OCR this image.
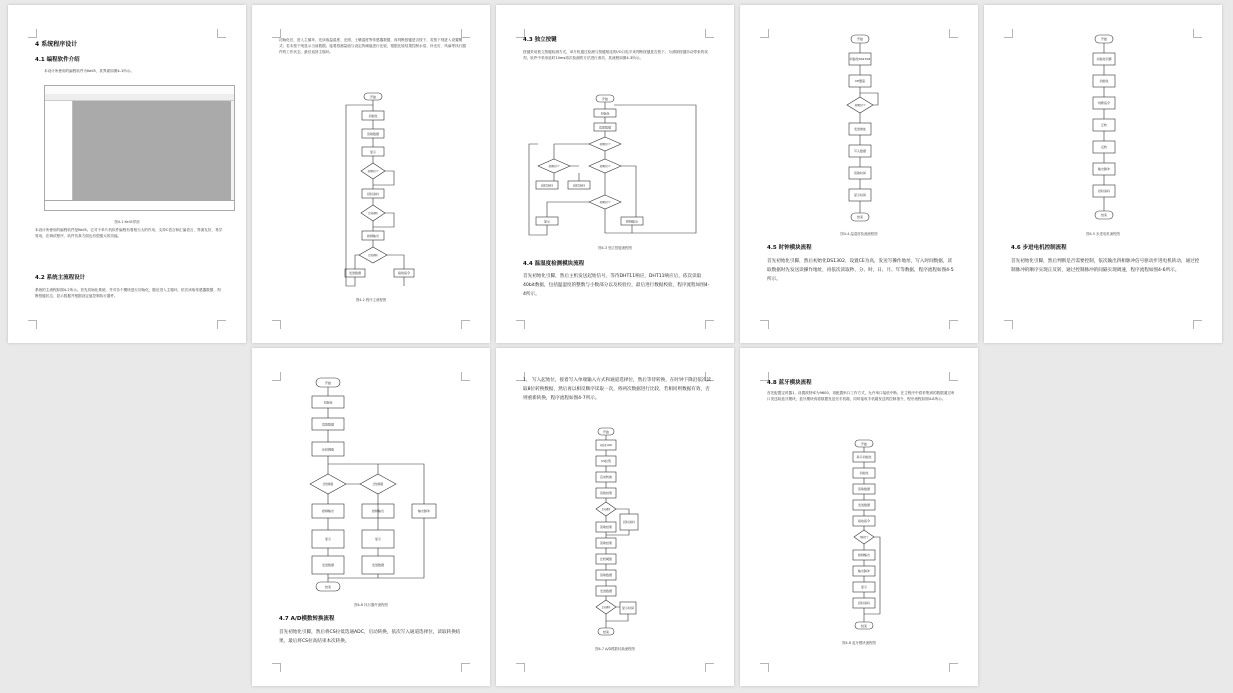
4 系统程序设计
4.1 编程软件介绍
本设计所使用的编程软件为Keil5，其界面如图4-1所示。
图4-1 Keil5界面
本设计所使用的编程软件是Keil5。它对于单片机软件编程有着相当大的作用，支持C语言和汇编语言，界面友好，易学易用，在调试程序、软件仿真方面也有很强大的功能。
4.2 系统主流程设计
系统的主流程如图4-2所示。首先初始化系统，并对各个模块进行初始化，随后进入主循环，依次读取传感器数据、判断按键状态、显示数据并根据设定值控制执行器件。
初始化后，进入主循环，先读取温湿度、光照、土壤湿度等传感器数据，再判断按键是否按下，若按下则进入设置模式；若未按下则显示当前数据。接着将测量值与设定的阈值进行比较，根据比较结果控制水泵、补光灯、风扇等执行器件的工作状态，最后返回主循环。
开始
初始化
读取数据
显示
按键按下?
延时消抖
比较阈值
控制输出
比较阈值
发送数据	接收指令
图4-2 程序主流程图
4.3 独立按键
按键采用独立按键检测方式，单片机通过检测与按键相连的I/O口电平来判断按键是否按下。为消除按键抖动带来的误判，软件中采用延时10ms再次检测的方法进行消抖，其流程如图4-3所示。
开始
初始化
读取数据
按键按下?
按键按下?	按键按下?
延时消抖	延时消抖
按键按下?
显示	控制输出
图4-3 独立按键流程图
4.4 温湿度检测模块流程
首先初始化引脚，然后主机发送起始信号，等待DHT11响应，DHT11响应后，依次读取40bit数据，包括温湿度的整数与小数部分以及校验位，最后进行数据校验，程序流程如图4-4所示。
开始
初始化DS1302
CE置高
按键按下?
发送地址
写入数据
读取时间
显示时间
结束
图4-4 温湿度检测流程图
4.5 时钟模块流程
首先初始化引脚，然后初始化DS1302，设置CE为高，发送写操作地址，写入时间数据，读取数据时先发送读操作地址，再依次读取秒、分、时、日、月、年等数据，程序流程如图4-5所示。
开始
初始化引脚
初始化
判断指令
正转
反转
输出脉冲
延时消抖
结束
图4-5 步进电机流程图
4.6 步进电机控制流程
首先初始化引脚，然后判断是否需要控制，依次输出四相脉冲信号驱动步进电机转动，通过控制脉冲的顺序实现正反转，通过控制脉冲的间隔实现调速，程序流程如图4-6所示。
开始
初始化
读取数据
比较阈值
比较阈值	比较阈值
控制输出	控制输出	输出脉冲
显示	显示
发送数据	发送数据
结束
图4-6 执行器件流程图
4.7 A/D模数转换流程
首先初始化引脚，然后将CS拉低选通ADC，启动转换，依次写入通道选择位，读取转换结果，最后将CS拉高结束本次转换。
1、 写入起始位，接着写入单端输入方式和通道选择位，然后等待转换，在时钟下降沿依次读取8位转换数据，然后再以相反顺序读取一次，将两次数据进行比较，若相同则数据有效，否则重新转换，程序流程如图4-7所示。
开始
初始化ADC
CS拉低
启动转换
读取结果
比较阈值
延时消抖
读取结果
读取结果
比较阈值
读取数据
发送数据
比较阈值	显示时间
结束
图4-7 A/D模数转换流程图
4.8 蓝牙模块流程
首先配置定时器1，设置波特率为9600，再配置串口工作方式，允许串口接收中断。在主程序中将采集到的数据通过串口发送给蓝牙模块，蓝牙模块再将数据发送至手机端，同时接收手机端发送的控制指令，程序流程如图4-8所示。
开始
串口初始化
初始化
读取数据
发送数据
接收指令
判断指令
控制输出
输出脉冲
显示
延时消抖
结束
图4-8 蓝牙模块流程图
